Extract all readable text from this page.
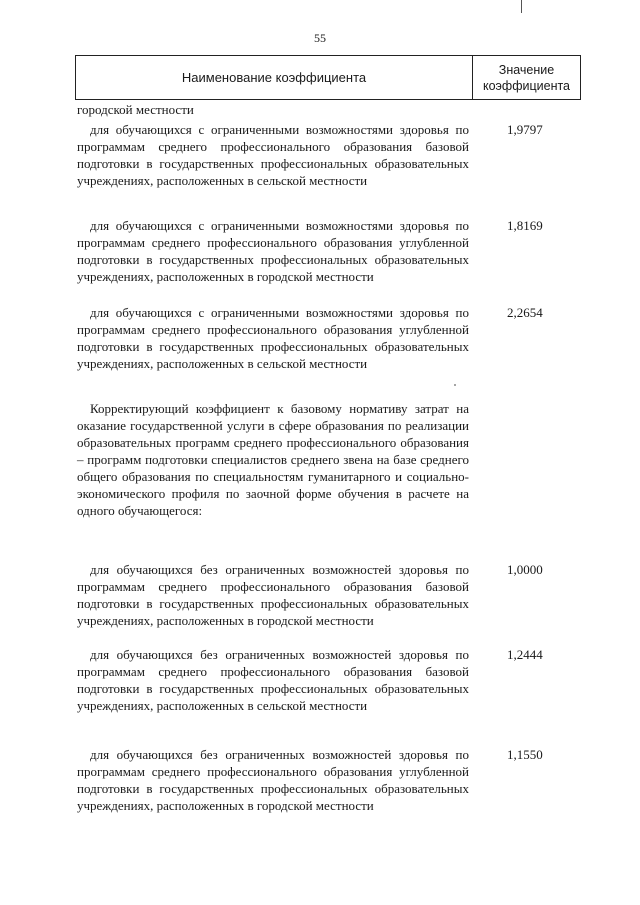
55
Наименование коэффициента
Значение
коэффициента
городской местности
для обучающихся с ограниченными возможностями здоровья по программам среднего профессионального образования базовой подготовки в государственных профессиональных образовательных учреждениях, расположенных в сельской местности
1,9797
для обучающихся с ограниченными возможностями здоровья по программам среднего профессионального образования углубленной подготовки в государственных профессиональных образовательных учреждениях, расположенных в городской местности
1,8169
для обучающихся с ограниченными возможностями здоровья по программам среднего профессионального образования углубленной подготовки в государственных профессиональных образовательных учреждениях, расположенных в сельской местности
2,2654
Корректирующий коэффициент к базовому нормативу затрат на оказание государственной услуги в сфере образования по реализации образовательных программ среднего профессионального образования – программ подготовки специалистов среднего звена на базе среднего общего образования по специальностям гуманитарного и социально-экономического профиля по заочной форме обучения в расчете на одного обучающегося:
для обучающихся без ограниченных возможностей здоровья по программам среднего профессионального образования базовой подготовки в государственных профессиональных образовательных учреждениях, расположенных в городской местности
1,0000
для обучающихся без ограниченных возможностей здоровья по программам среднего профессионального образования базовой подготовки в государственных профессиональных образовательных учреждениях, расположенных в сельской местности
1,2444
для обучающихся без ограниченных возможностей здоровья по программам среднего профессионального образования углубленной подготовки в государственных профессиональных образовательных учреждениях, расположенных в городской местности
1,1550
